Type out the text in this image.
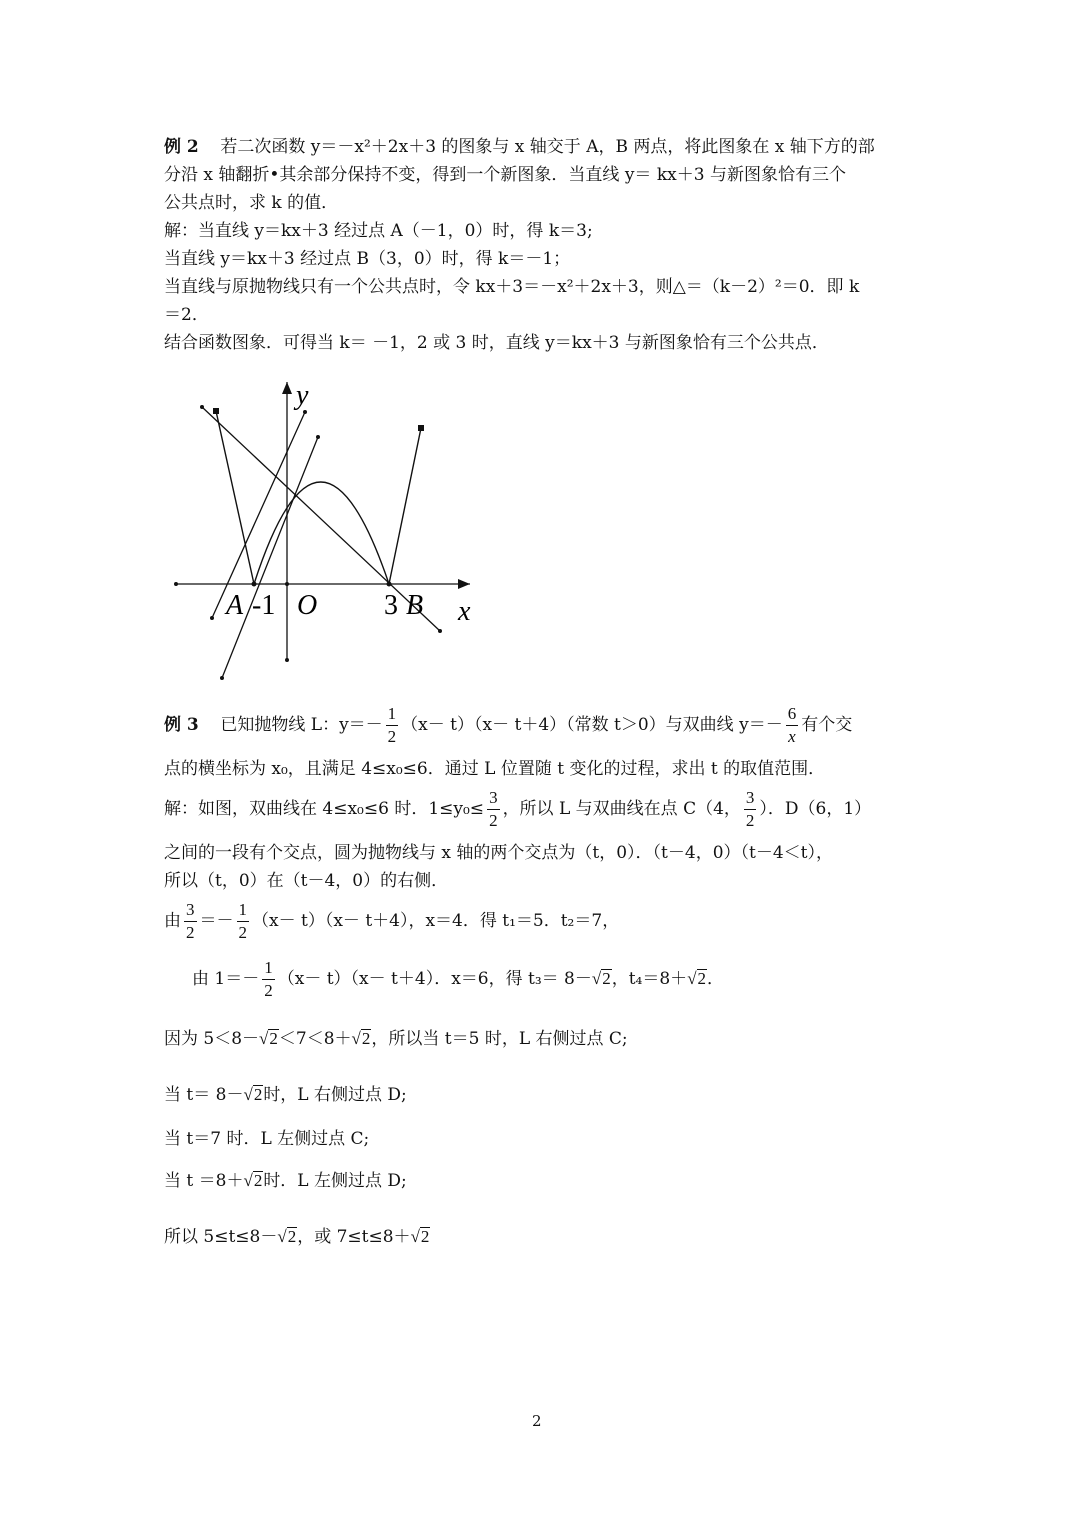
例 2 若二次函数 y＝－x²＋2x＋3 的图象与 x 轴交于 A，B 两点，将此图象在 x 轴下方的部
分沿 x 轴翻折•其余部分保持不变，得到一个新图象．当直线 y＝ kx＋3 与新图象恰有三个
公共点时，求 k 的值．
解：当直线 y＝kx＋3 经过点 A（－1，0）时，得 k＝3;
当直线 y＝kx＋3 经过点 B（3，0）时，得 k＝－1；
当直线与原抛物线只有一个公共点时，令 kx＋3＝－x²＋2x＋3，则△＝（k－2）²＝0．即 k
＝2．
结合函数图象．可得当 k＝ －1，2 或 3 时，直线 y＝kx＋3 与新图象恰有三个公共点．
y
x
A -1 O 3 B
例 3 已知抛物线 L：$y=- \frac{1}{2} (x- t)(x- t+4)$（常数 t＞0）与双曲线 $y=- \frac{6}{x}$ 有个交
点的横坐标为 x₀，且满足 4≤x₀≤6．通过 L 位置随 t 变化的过程，求出 t 的取值范围．
解：如图，双曲线在 4≤x₀≤6 时．$1\le y_0\le \frac{3}{2}$ ，所以 L 与双曲线在点 C（4， $\frac{3}{2}$ ）．D（6，1）
之间的一段有个交点，圆为抛物线与 x 轴的两个交点为（t，0）．（t－4，0）（t－4＜t），
所以（t，0）在（t－4，0）的右侧．
由 $\frac{3}{2} =- \frac{1}{2} (x- t)(x- t+4)$，x＝4．得 t₁＝5．t₂＝7，
由 $1=- \frac{1}{2} (x- t)(x- t+4)$．x＝6，得 t₃＝ 8－√2，t₄＝8＋√2．
因为 5＜8－√2＜7＜8＋√2，所以当 t＝5 时，L 右侧过点 C;
当 t＝ 8－√2时，L 右侧过点 D;
当 t＝7 时．L 左侧过点 C;
当 t ＝8＋√2时．L 左侧过点 D;
所以 5≤t≤8－√2，或 7≤t≤8＋√2
2
